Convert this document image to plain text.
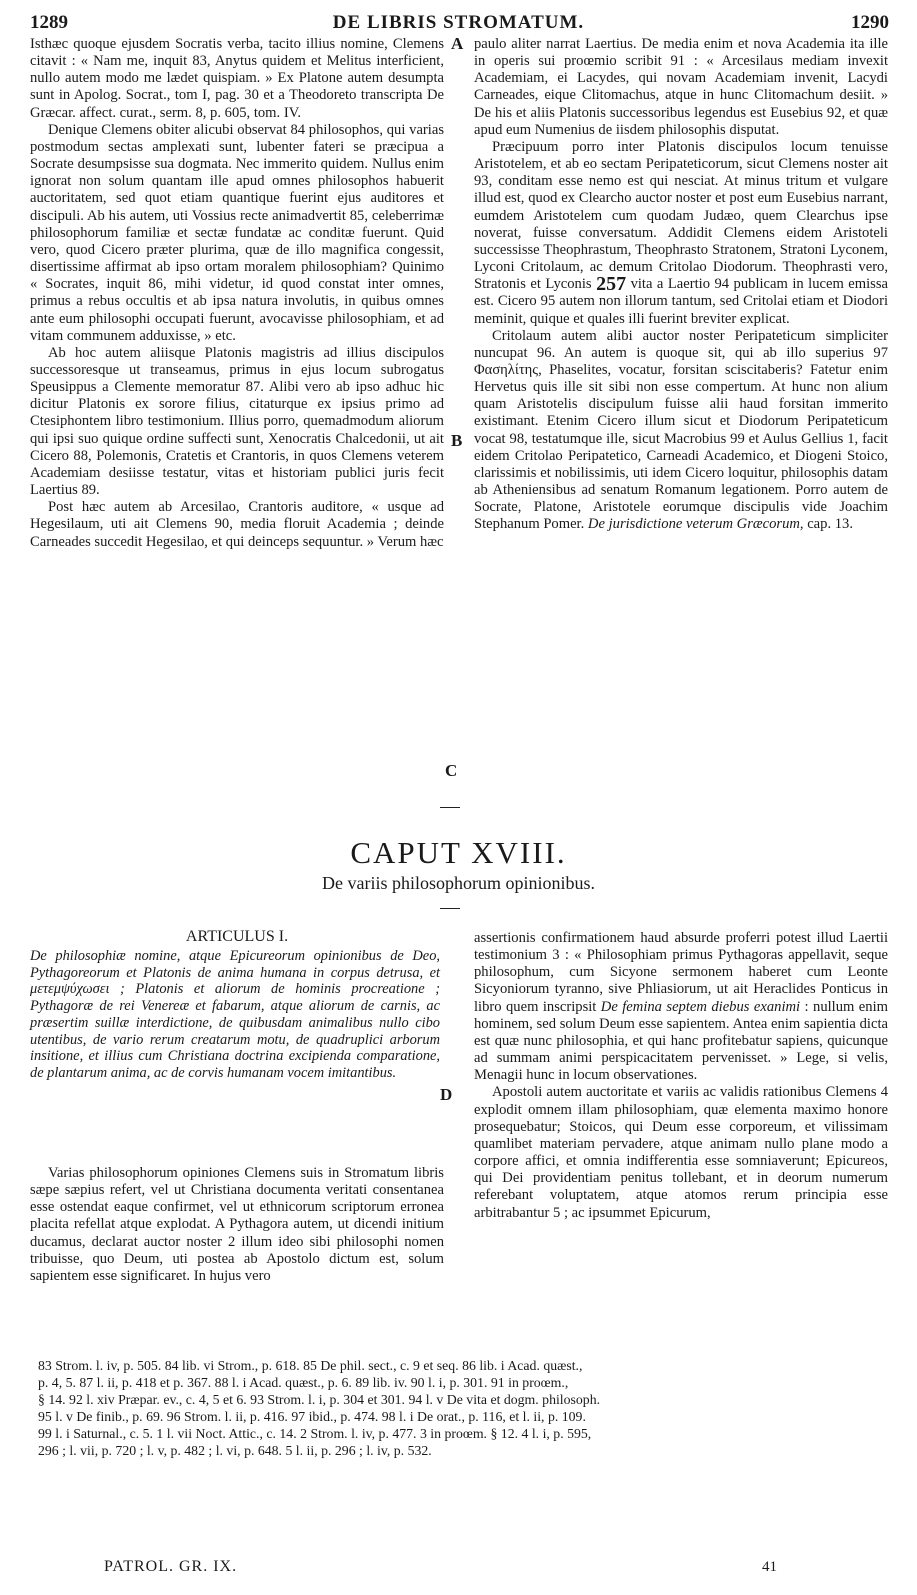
1289	DE LIBRIS STROMATUM.	1290

Isthæc quoque ejusdem Socratis verba, tacito illius nomine, Clemens citavit : « Nam me, inquit 83, Anytus quidem et Melitus interficient, nullo autem modo me lædet quispiam. » Ex Platone autem desumpta sunt in Apolog. Socrat., tom I, pag. 30 et a Theodoreto transcripta De Græcar. affect. curat., serm. 8, p. 605, tom. IV.

Denique Clemens obiter alicubi observat 84 philosophos, qui varias postmodum sectas amplexati sunt, lubenter fateri se præcipua a Socrate desumpsisse sua dogmata. Nec immerito quidem. Nullus enim ignorat non solum quantam ille apud omnes philosophos habuerit auctoritatem, sed quot etiam quantique fuerint ejus auditores et discipuli. Ab his autem, uti Vossius recte animadvertit 85, celeberrimæ philosophorum familiæ et sectæ fundatæ ac conditæ fuerunt. Quid vero, quod Cicero præter plurima, quæ de illo magnifica congessit, disertissime affirmat ab ipso ortam moralem philosophiam? Quinimo « Socrates, inquit 86, mihi videtur, id quod constat inter omnes, primus a rebus occultis et ab ipsa natura involutis, in quibus omnes ante eum philosophi occupati fuerunt, avocavisse philosophiam, et ad vitam communem adduxisse, » etc.

Ab hoc autem aliisque Platonis magistris ad illius discipulos successoresque ut transeamus, primus in ejus locum subrogatus Speusippus a Clemente memoratur 87. Alibi vero ab ipso adhuc hic dicitur Platonis ex sorore filius, citaturque ex ipsius primo ad Ctesiphontem libro testimonium. Illius porro, quemadmodum aliorum qui ipsi suo quique ordine suffecti sunt, Xenocratis Chalcedonii, ut ait Cicero 88, Polemonis, Cratetis et Crantoris, in quos Clemens veterem Academiam desiisse testatur, vitas et historiam publici juris fecit Laertius 89.

Post hæc autem ab Arcesilao, Crantoris auditore, « usque ad Hegesilaum, uti ait Clemens 90, media floruit Academia ; deinde Carneades succedit Hegesilao, et qui deinceps sequuntur. » Verum hæc

A
B
C
D

paulo aliter narrat Laertius. De media enim et nova Academia ita ille in operis sui proœmio scribit 91 : « Arcesilaus mediam invexit Academiam, ei Lacydes, qui novam Academiam invenit, Lacydi Carneades, eique Clitomachus, atque in hunc Clitomachum desiit. » De his et aliis Platonis successoribus legendus est Eusebius 92, et quæ apud eum Numenius de iisdem philosophis disputat.

Præcipuum porro inter Platonis discipulos locum tenuisse Aristotelem, et ab eo sectam Peripateticorum, sicut Clemens noster ait 93, conditam esse nemo est qui nesciat. At minus tritum et vulgare illud est, quod ex Clearcho auctor noster et post eum Eusebius narrant, eumdem Aristotelem cum quodam Judæo, quem Clearchus ipse noverat, fuisse conversatum. Addidit Clemens eidem Aristoteli successisse Theophrastum, Theophrasto Stratonem, Stratoni Lyconem, Lyconi Critolaum, ac demum Critolao Diodorum. Theophrasti vero, Stratonis et Lyconis 257 vita a Laertio 94 publicam in lucem emissa est. Cicero 95 autem non illorum tantum, sed Critolai etiam et Diodori meminit, quique et quales illi fuerint breviter explicat.

Critolaum autem alibi auctor noster Peripateticum simpliciter nuncupat 96. An autem is quoque sit, qui ab illo superius 97 Φασηλίτης, Phaselites, vocatur, forsitan sciscitaberis? Fatetur enim Hervetus quis ille sit sibi non esse compertum. At hunc non alium quam Aristotelis discipulum fuisse alii haud forsitan immerito existimant. Etenim Cicero illum sicut et Diodorum Peripateticum vocat 98, testatumque ille, sicut Macrobius 99 et Aulus Gellius 1, facit eidem Critolao Peripatetico, Carneadi Academico, et Diogeni Stoico, clarissimis et nobilissimis, uti idem Cicero loquitur, philosophis datam ab Atheniensibus ad senatum Romanum legationem. Porro autem de Socrate, Platone, Aristotele eorumque discipulis vide Joachim Stephanum Pomer. De jurisdictione veterum Græcorum, cap. 13.

CAPUT XVIII.
De variis philosophorum opinionibus.
ARTICULUS I.
De philosophiæ nomine, atque Epicureorum opinionibus de Deo, Pythagoreorum et Platonis de anima humana in corpus detrusa, et μετεμψύχωσει ; Platonis et aliorum de hominis procreatione ; Pythagoræ de rei Venereæ et fabarum, atque aliorum de carnis, ac præsertim suillæ interdictione, de quibusdam animalibus nullo cibo utentibus, de vario rerum creatarum motu, de quadruplici arborum insitione, et illius cum Christiana doctrina excipienda comparatione, de plantarum anima, ac de corvis humanam vocem imitantibus.

Varias philosophorum opiniones Clemens suis in Stromatum libris sæpe sæpius refert, vel ut Christiana documenta veritati consentanea esse ostendat eaque confirmet, vel ut ethnicorum scriptorum erronea placita refellat atque explodat. A Pythagora autem, ut dicendi initium ducamus, declarat auctor noster 2 illum ideo sibi philosophi nomen tribuisse, quo Deum, uti postea ab Apostolo dictum est, solum sapientem esse significaret. In hujus vero

assertionis confirmationem haud absurde proferri potest illud Laertii testimonium 3 : « Philosophiam primus Pythagoras appellavit, seque philosophum, cum Sicyone sermonem haberet cum Leonte Sicyoniorum tyranno, sive Phliasiorum, ut ait Heraclides Ponticus in libro quem inscripsit De femina septem diebus exanimi : nullum enim hominem, sed solum Deum esse sapientem. Antea enim sapientia dicta est quæ nunc philosophia, et qui hanc profitebatur sapiens, quicunque ad summam animi perspicacitatem pervenisset. » Lege, si velis, Menagii hunc in locum observationes.

Apostoli autem auctoritate et variis ac validis rationibus Clemens 4 explodit omnem illam philosophiam, quæ elementa maximo honore prosequebatur; Stoicos, qui Deum esse corporeum, et vilissimam quamlibet materiam pervadere, atque animam nullo plane modo a corpore affici, et omnia indifferentia esse somniaverunt; Epicureos, qui Dei providentiam penitus tollebant, et in deorum numerum referebant voluptatem, atque atomos rerum principia esse arbitrabantur 5 ; ac ipsummet Epicurum,

83 Strom. l. iv, p. 505. 84 lib. vi Strom., p. 618. 85 De phil. sect., c. 9 et seq. 86 lib. i Acad. quæst.,

p. 4, 5. 87 l. ii, p. 418 et p. 367. 88 l. i Acad. quæst., p. 6. 89 lib. iv. 90 l. i, p. 301. 91 in proœm.,

§ 14. 92 l. xiv Præpar. ev., c. 4, 5 et 6. 93 Strom. l. i, p. 304 et 301. 94 l. v De vita et dogm. philosoph.

95 l. v De finib., p. 69. 96 Strom. l. ii, p. 416. 97 ibid., p. 474. 98 l. i De orat., p. 116, et l. ii, p. 109.

99 l. i Saturnal., c. 5. 1 l. vii Noct. Attic., c. 14. 2 Strom. l. iv, p. 477. 3 in proœm. § 12. 4 l. i, p. 595,

296 ; l. vii, p. 720 ; l. v, p. 482 ; l. vi, p. 648. 5 l. ii, p. 296 ; l. iv, p. 532.

PATROL. GR. IX.	41
